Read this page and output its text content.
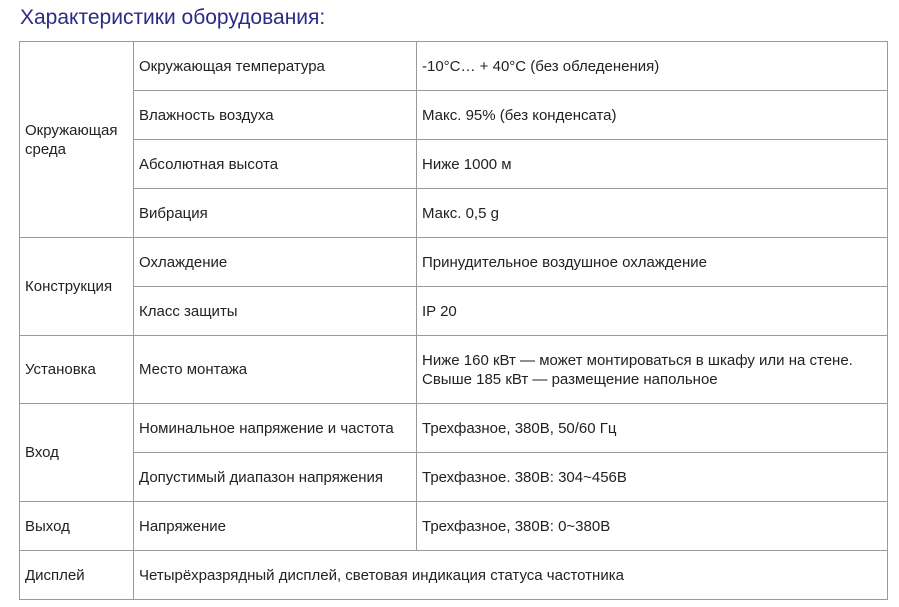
Характеристики оборудования:
Окружающая среда	Окружающая температура	-10°C… + 40°C (без обледенения)
	Влажность воздуха	Макс. 95% (без конденсата)
	Абсолютная высота	Ниже 1000 м
	Вибрация	Макс. 0,5 g
Конструкция	Охлаждение	Принудительное воздушное охлаждение
	Класс защиты	IP 20
Установка	Место монтажа	Ниже 160 кВт — может монтироваться в шкафу или на стене.
Свыше 185 кВт — размещение напольное

Вход	Номинальное напряжение и частота	Трехфазное, 380В, 50/60 Гц
	Допустимый диапазон напряжения	Трехфазное. 380В: 304~456В
Выход	Напряжение	Трехфазное, 380В: 0~380В
Дисплей	Четырёхразрядный дисплей, световая индикация статуса частотника	
